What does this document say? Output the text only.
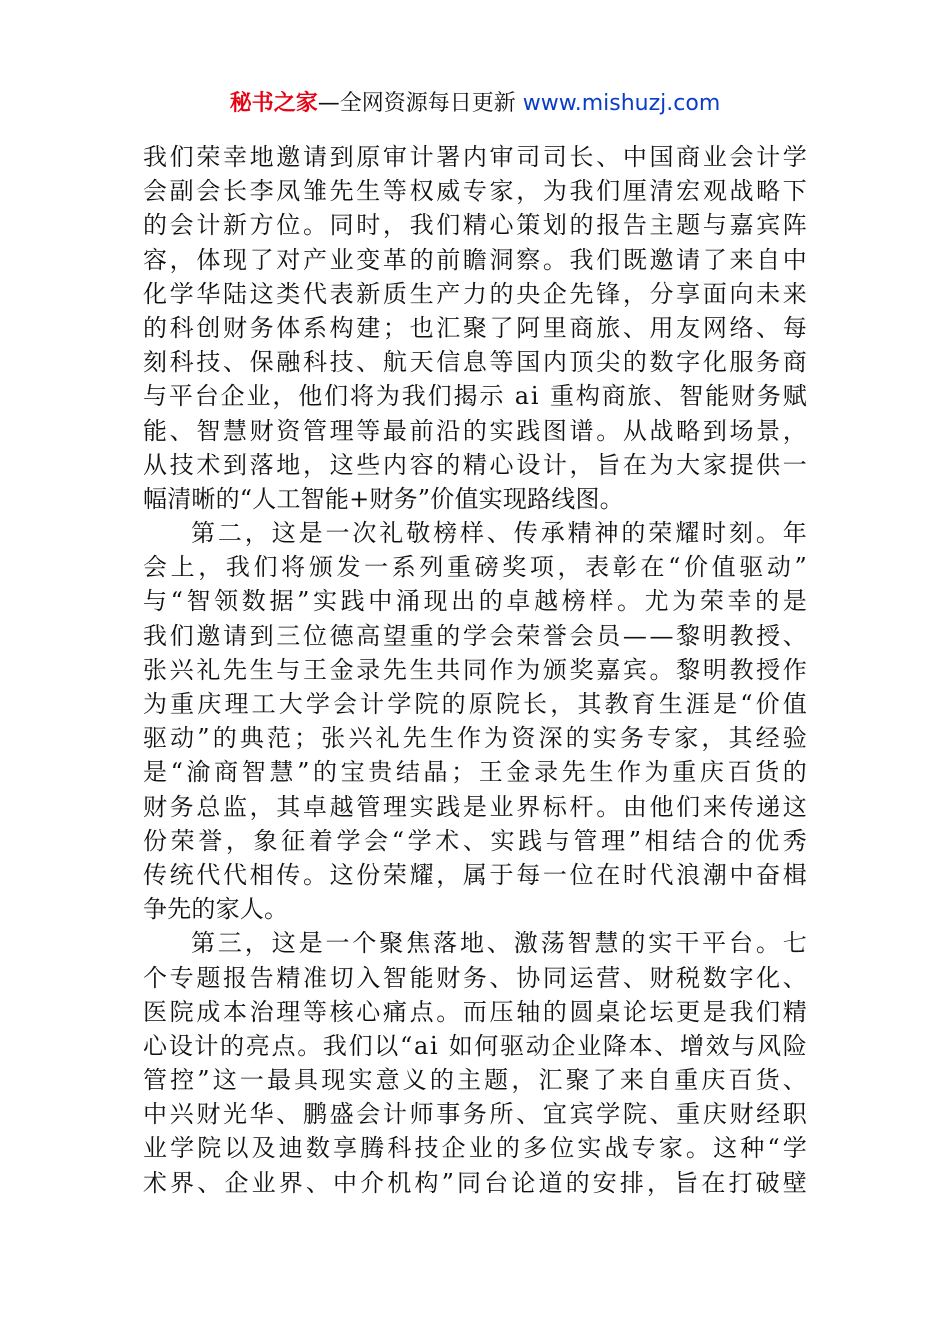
秘书之家—全网资源每日更新 www.mishuzj.com
我们荣幸地邀请到原审计署内审司司长、中国商业会计学
会副会长李凤雏先生等权威专家，为我们厘清宏观战略下
的会计新方位。同时，我们精心策划的报告主题与嘉宾阵
容，体现了对产业变革的前瞻洞察。我们既邀请了来自中
化学华陆这类代表新质生产力的央企先锋，分享面向未来
的科创财务体系构建；也汇聚了阿里商旅、用友网络、每
刻科技、保融科技、航天信息等国内顶尖的数字化服务商
与平台企业，他们将为我们揭示 ai 重构商旅、智能财务赋
能、智慧财资管理等最前沿的实践图谱。从战略到场景，
从技术到落地，这些内容的精心设计，旨在为大家提供一
幅清晰的“人工智能+财务”价值实现路线图。
第二，这是一次礼敬榜样、传承精神的荣耀时刻。年
会上，我们将颁发一系列重磅奖项，表彰在“价值驱动”
与“智领数据”实践中涌现出的卓越榜样。尤为荣幸的是
我们邀请到三位德高望重的学会荣誉会员——黎明教授、
张兴礼先生与王金录先生共同作为颁奖嘉宾。黎明教授作
为重庆理工大学会计学院的原院长，其教育生涯是“价值
驱动”的典范；张兴礼先生作为资深的实务专家，其经验
是“渝商智慧”的宝贵结晶；王金录先生作为重庆百货的
财务总监，其卓越管理实践是业界标杆。由他们来传递这
份荣誉，象征着学会“学术、实践与管理”相结合的优秀
传统代代相传。这份荣耀，属于每一位在时代浪潮中奋楫
争先的家人。
第三，这是一个聚焦落地、激荡智慧的实干平台。七
个专题报告精准切入智能财务、协同运营、财税数字化、
医院成本治理等核心痛点。而压轴的圆桌论坛更是我们精
心设计的亮点。我们以“ai 如何驱动企业降本、增效与风险
管控”这一最具现实意义的主题，汇聚了来自重庆百货、
中兴财光华、鹏盛会计师事务所、宜宾学院、重庆财经职
业学院以及迪数享腾科技企业的多位实战专家。这种“学
术界、企业界、中介机构”同台论道的安排，旨在打破壁
